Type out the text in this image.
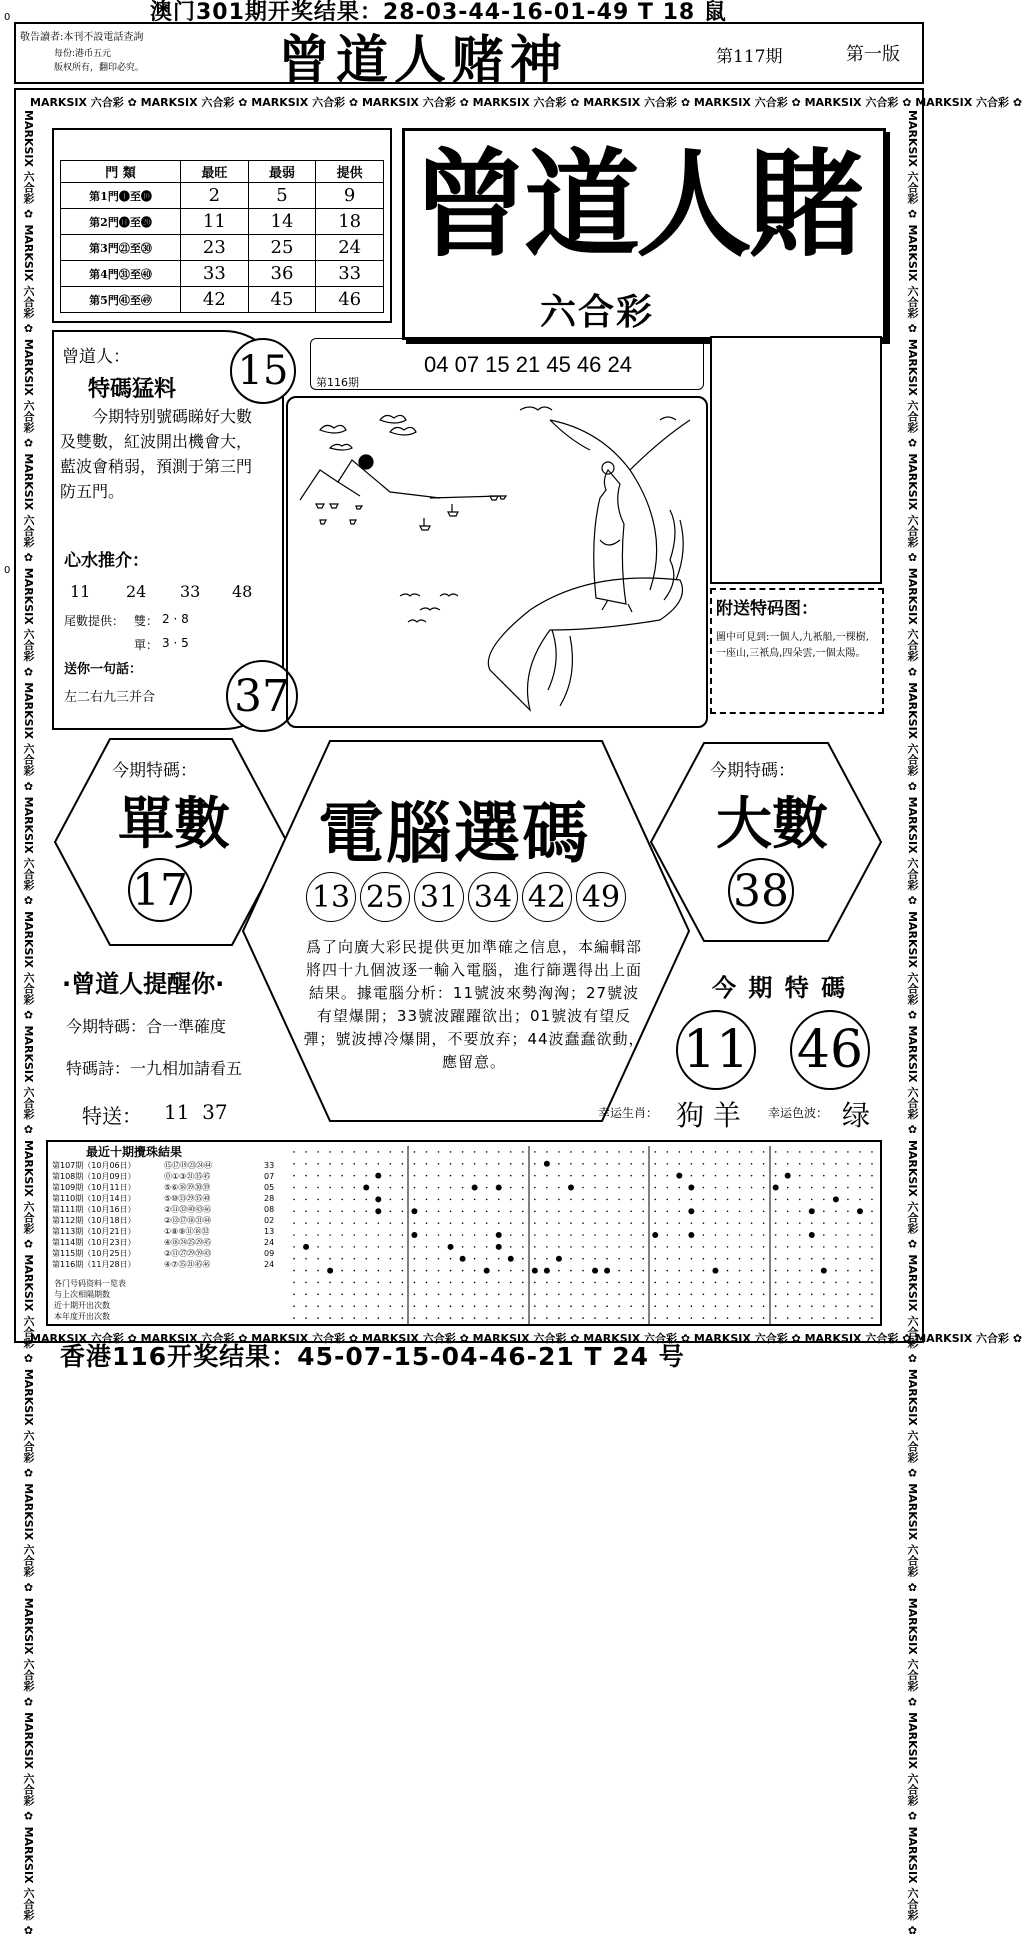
澳门301期开奖结果：28-03-44-16-01-49 T 18 鼠
0
敬告讀者:本刊不設電話查詢
每份:港币五元
版权所有，翻印必究。	曾道人赌神	第117期	第一版
MARKSIX 六合彩 ✿ MARKSIX 六合彩 ✿ MARKSIX 六合彩 ✿ MARKSIX 六合彩 ✿ MARKSIX 六合彩 ✿ MARKSIX 六合彩 ✿ MARKSIX 六合彩 ✿ MARKSIX 六合彩 ✿ MARKSIX 六合彩 ✿
MARKSIX 六合彩 ✿ MARKSIX 六合彩 ✿ MARKSIX 六合彩 ✿ MARKSIX 六合彩 ✿ MARKSIX 六合彩 ✿ MARKSIX 六合彩 ✿ MARKSIX 六合彩 ✿ MARKSIX 六合彩 ✿ MARKSIX 六合彩 ✿ MARKSIX 六合彩 ✿ MARKSIX 六合彩 ✿ MARKSIX 六合彩 ✿ MARKSIX 六合彩 ✿ MARKSIX 六合彩 ✿ MARKSIX 六合彩 ✿ MARKSIX 六合彩 ✿	MARKSIX 六合彩 ✿ MARKSIX 六合彩 ✿ MARKSIX 六合彩 ✿ MARKSIX 六合彩 ✿ MARKSIX 六合彩 ✿ MARKSIX 六合彩 ✿ MARKSIX 六合彩 ✿ MARKSIX 六合彩 ✿ MARKSIX 六合彩 ✿ MARKSIX 六合彩 ✿ MARKSIX 六合彩 ✿ MARKSIX 六合彩 ✿ MARKSIX 六合彩 ✿ MARKSIX 六合彩 ✿ MARKSIX 六合彩 ✿ MARKSIX 六合彩 ✿
MARKSIX 六合彩 ✿ MARKSIX 六合彩 ✿ MARKSIX 六合彩 ✿ MARKSIX 六合彩 ✿ MARKSIX 六合彩 ✿ MARKSIX 六合彩 ✿ MARKSIX 六合彩 ✿ MARKSIX 六合彩 ✿ MARKSIX 六合彩 ✿
0
門 類	最旺	最弱	提供
第1門❶至❿	2	5	9
第2門⓫至⓴	11	14	18
第3門㉑至㉚	23	25	24
第4門㉛至㊵	33	36	33
第5門㊶至㊾	42	45	46
曾道人賭
六合彩
曾道人：
特碼猛料
今期特别號碼睇好大數及雙數，紅波開出機會大，藍波會稍弱，預測于第三門防五門。
15
心水推介：
11 24 33 48
尾數提供： 雙： 2 · 8
單： 3 · 5
送你一句話：
左二右九三并合 37
第116期
04 07 15 21 45 46 24
附送特码图：
圖中可見到:一個人,九衹船,一棵樹,一座山,三衹鳥,四朵雲,一個太陽。
今期特碼：
單數
17
今期特碼：
大數
38
電腦選碼
13 25 31 34 42 49
爲了向廣大彩民提供更加準確之信息，本編輯部將四十九個波逐一輸入電腦，進行篩選得出上面結果。據電腦分析：11號波來勢洶洶；27號波有望爆開；33號波躍躍欲出；01號波有望反彈；號波搏冷爆開，不要放弃；44波蠢蠢欲動，應留意。
·曾道人提醒你·
今期特碼：合一準確度
特碼詩：一九相加請看五
特送： 11  37
今 期 特 碼
11 46
幸运生肖： 狗 羊 幸运色波： 绿
最近十期攪珠結果
第107期（10月06日）	⑮⑰⑲㉓㉔㊹	33
第108期（10月09日）	⓪①③㉑㉟㊺	07
第109期（10月11日）	⑤⑥⑱⑲㉚㊴	05
第110期（10月14日）	⑤⑩⑬㉙㉟㊵	28
第111期（10月16日）	②⑪㉜㊵㊸㊻	08
第112期（10月18日）	②⑬⑰⑱㉛㊹	02
第113期（10月21日）	①⑧⑨⑪⑱㉜	13
第114期（10月23日）	④⑱㉔㉕㉙㊺	24
第115期（10月25日）	②⑪㉗㉙㊴㊸	09
第116期（11月28日）	④⑦⑮㉑㊺㊻	24
各门号码资料一览表
与上次相隔期数
近十期开出次数
本年度开出次数
香港116开奖结果：45-07-15-04-46-21 T 24 号
